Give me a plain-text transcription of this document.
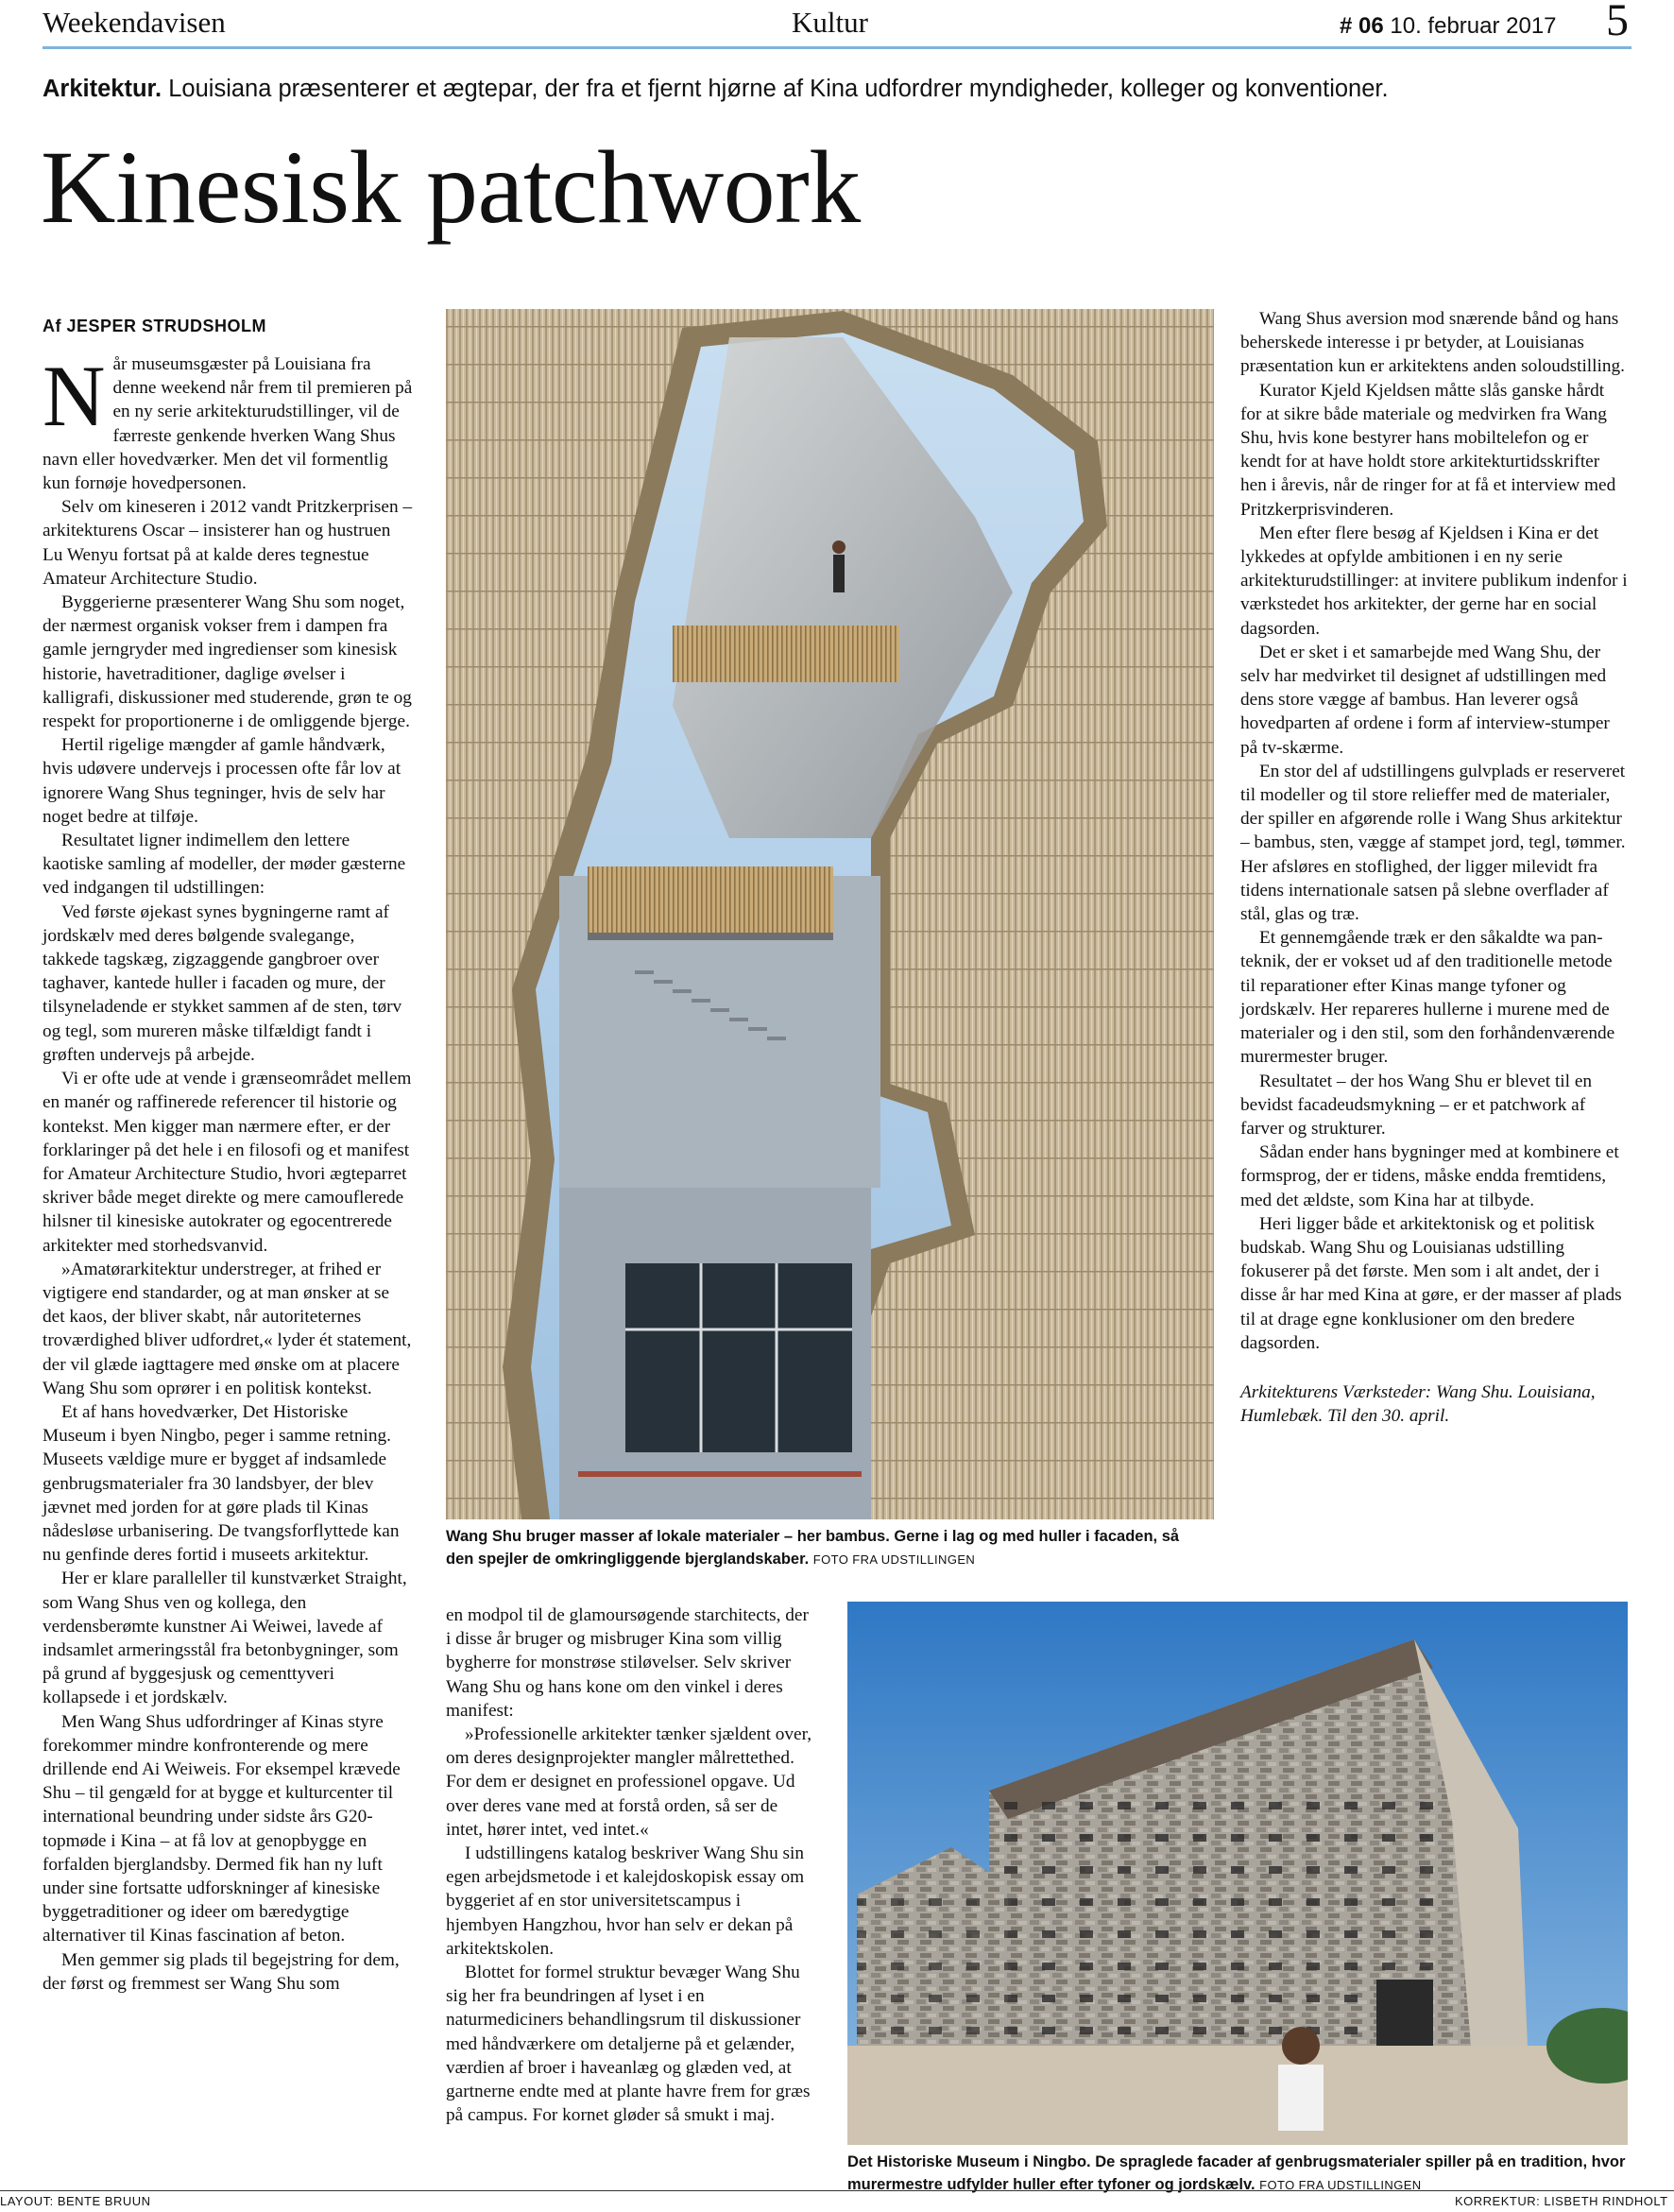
Weekendavisen	Kultur	# 06 10. februar 2017 5
Arkitektur. Louisiana præsenterer et ægtepar, der fra et fjernt hjørne af Kina udfordrer myndigheder, kolleger og konventioner.
Kinesisk patchwork
Af JESPER STRUDSHOLM

Når museumsgæster på Louisiana fra denne weekend når frem til premieren på en ny serie arkitekturudstillinger, vil de færreste genkende hverken Wang Shus navn eller hovedværker. Men det vil formentlig kun fornøje hovedpersonen.

Selv om kineseren i 2012 vandt Pritzkerprisen – arkitekturens Oscar – insisterer han og hustruen Lu Wenyu fortsat på at kalde deres tegnestue Amateur Architecture Studio.

Byggerierne præsenterer Wang Shu som noget, der nærmest organisk vokser frem i dampen fra gamle jerngryder med ingredienser som kinesisk historie, havetraditioner, daglige øvelser i kalligrafi, diskussioner med studerende, grøn te og respekt for proportionerne i de omliggende bjerge.

Hertil rigelige mængder af gamle håndværk, hvis udøvere undervejs i processen ofte får lov at ignorere Wang Shus tegninger, hvis de selv har noget bedre at tilføje.

Resultatet ligner indimellem den lettere kaotiske samling af modeller, der møder gæsterne ved indgangen til udstillingen:

Ved første øjekast synes bygningerne ramt af jordskælv med deres bølgende svalegange, takkede tagskæg, zigzaggende gangbroer over taghaver, kantede huller i facaden og mure, der tilsyneladende er stykket sammen af de sten, tørv og tegl, som mureren måske tilfældigt fandt i grøften undervejs på arbejde.

Vi er ofte ude at vende i grænseområdet mellem en manér og raffinerede referencer til historie og kontekst. Men kigger man nærmere efter, er der forklaringer på det hele i en filosofi og et manifest for Amateur Architecture Studio, hvori ægteparret skriver både meget direkte og mere camouflerede hilsner til kinesiske autokrater og egocentrerede arkitekter med storhedsvanvid.

»Amatørarkitektur understreger, at frihed er vigtigere end standarder, og at man ønsker at se det kaos, der bliver skabt, når autoriteternes troværdighed bliver udfordret,« lyder ét statement, der vil glæde iagttagere med ønske om at placere Wang Shu som oprører i en politisk kontekst.

Et af hans hovedværker, Det Historiske Museum i byen Ningbo, peger i samme retning. Museets vældige mure er bygget af indsamlede genbrugsmaterialer fra 30 landsbyer, der blev jævnet med jorden for at gøre plads til Kinas nådesløse urbanisering. De tvangsforflyttede kan nu genfinde deres fortid i museets arkitektur.

Her er klare paralleller til kunstværket Straight, som Wang Shus ven og kollega, den verdensberømte kunstner Ai Weiwei, lavede af indsamlet armeringsstål fra betonbygninger, som på grund af byggesjusk og cementtyveri kollapsede i et jordskælv.

Men Wang Shus udfordringer af Kinas styre forekommer mindre konfronterende og mere drillende end Ai Weiweis. For eksempel krævede Shu – til gengæld for at bygge et kulturcenter til international beundring under sidste års G20-topmøde i Kina – at få lov at genopbygge en forfalden bjerglandsby. Dermed fik han ny luft under sine fortsatte udforskninger af kinesiske byggetraditioner og ideer om bæredygtige alternativer til Kinas fascination af beton.

Men gemmer sig plads til begejstring for dem, der først og fremmest ser Wang Shu som

Wang Shu bruger masser af lokale materialer – her bambus. Gerne i lag og med huller i facaden, så den spejler de omkringliggende bjerglandskaber. FOTO FRA UDSTILLINGEN

Wang Shus aversion mod snærende bånd og hans beherskede interesse i pr betyder, at Louisianas præsentation kun er arkitektens anden soloudstilling.

Kurator Kjeld Kjeldsen måtte slås ganske hårdt for at sikre både materiale og medvirken fra Wang Shu, hvis kone bestyrer hans mobiltelefon og er kendt for at have holdt store arkitekturtidsskrifter hen i årevis, når de ringer for at få et interview med Pritzkerprisvinderen.

Men efter flere besøg af Kjeldsen i Kina er det lykkedes at opfylde ambitionen i en ny serie arkitekturudstillinger: at invitere publikum indenfor i værkstedet hos arkitekter, der gerne har en social dagsorden.

Det er sket i et samarbejde med Wang Shu, der selv har medvirket til designet af udstillingen med dens store vægge af bambus. Han leverer også hovedparten af ordene i form af interview-stumper på tv-skærme.

En stor del af udstillingens gulvplads er reserveret til modeller og til store relieffer med de materialer, der spiller en afgørende rolle i Wang Shus arkitektur – bambus, sten, vægge af stampet jord, tegl, tømmer. Her afsløres en stoflighed, der ligger milevidt fra tidens internationale satsen på slebne overflader af stål, glas og træ.

Et gennemgående træk er den såkaldte wa pan-teknik, der er vokset ud af den traditionelle metode til reparationer efter Kinas mange tyfoner og jordskælv. Her repareres hullerne i murene med de materialer og i den stil, som den forhåndenværende murermester bruger.

Resultatet – der hos Wang Shu er blevet til en bevidst facadeudsmykning – er et patchwork af farver og strukturer.

Sådan ender hans bygninger med at kombinere et formsprog, der er tidens, måske endda fremtidens, med det ældste, som Kina har at tilbyde.

Heri ligger både et arkitektonisk og et politisk budskab. Wang Shu og Louisianas udstilling fokuserer på det første. Men som i alt andet, der i disse år har med Kina at gøre, er der masser af plads til at drage egne konklusioner om den bredere dagsorden.

Arkitekturens Værksteder: Wang Shu. Louisiana, Humlebæk. Til den 30. april.

en modpol til de glamoursøgende starchitects, der i disse år bruger og misbruger Kina som villig bygherre for monstrøse stiløvelser. Selv skriver Wang Shu og hans kone om den vinkel i deres manifest:

»Professionelle arkitekter tænker sjældent over, om deres designprojekter mangler målrettethed. For dem er designet en professionel opgave. Ud over deres vane med at forstå orden, så ser de intet, hører intet, ved intet.«

I udstillingens katalog beskriver Wang Shu sin egen arbejdsmetode i et kalejdoskopisk essay om byggeriet af en stor universitetscampus i hjembyen Hangzhou, hvor han selv er dekan på arkitektskolen.

Blottet for formel struktur bevæger Wang Shu sig her fra beundringen af lyset i en naturmediciners behandlingsrum til diskussioner med håndværkere om detaljerne på et gelænder, værdien af broer i haveanlæg og glæden ved, at gartnerne endte med at plante havre frem for græs på campus. For kornet gløder så smukt i maj.

Det Historiske Museum i Ningbo. De spraglede facader af genbrugsmaterialer spiller på en tradition, hvor murermestre udfylder huller efter tyfoner og jordskælv. FOTO FRA UDSTILLINGEN
LAYOUT: BENTE BRUUN	KORREKTUR: LISBETH RINDHOLT
